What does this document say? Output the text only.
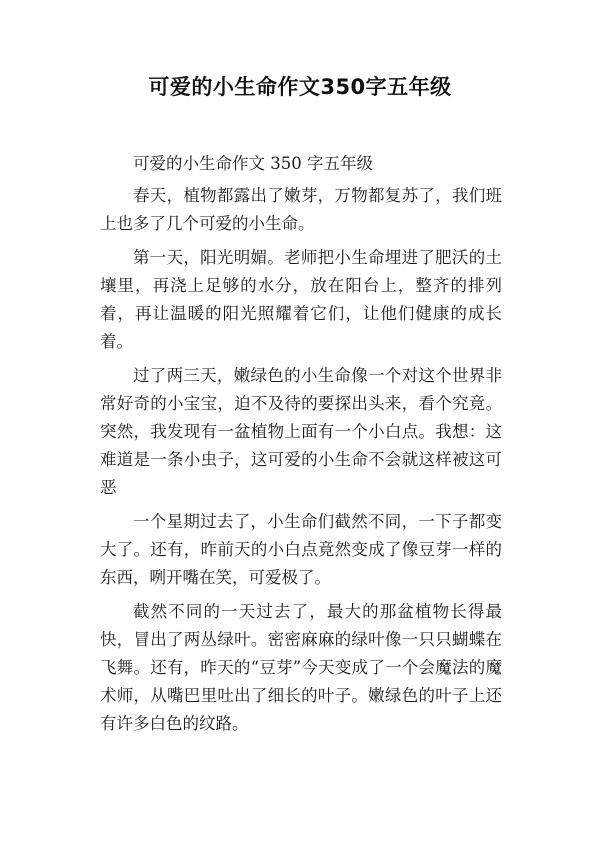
可爱的小生命作文350字五年级

可爱的小生命作文 350 字五年级

春天，植物都露出了嫩芽，万物都复苏了，我们班上也多了几个可爱的小生命。

第一天，阳光明媚。老师把小生命埋进了肥沃的土壤里，再浇上足够的水分，放在阳台上，整齐的排列着，再让温暖的阳光照耀着它们，让他们健康的成长着。

过了两三天，嫩绿色的小生命像一个对这个世界非常好奇的小宝宝，迫不及待的要探出头来，看个究竟。突然，我发现有一盆植物上面有一个小白点。我想：这难道是一条小虫子，这可爱的小生命不会就这样被这可恶

一个星期过去了，小生命们截然不同，一下子都变大了。还有，昨前天的小白点竟然变成了像豆芽一样的东西，咧开嘴在笑，可爱极了。

截然不同的一天过去了，最大的那盆植物长得最快，冒出了两丛绿叶。密密麻麻的绿叶像一只只蝴蝶在飞舞。还有，昨天的“豆芽”今天变成了一个会魔法的魔术师，从嘴巴里吐出了细长的叶子。嫩绿色的叶子上还有许多白色的纹路。
